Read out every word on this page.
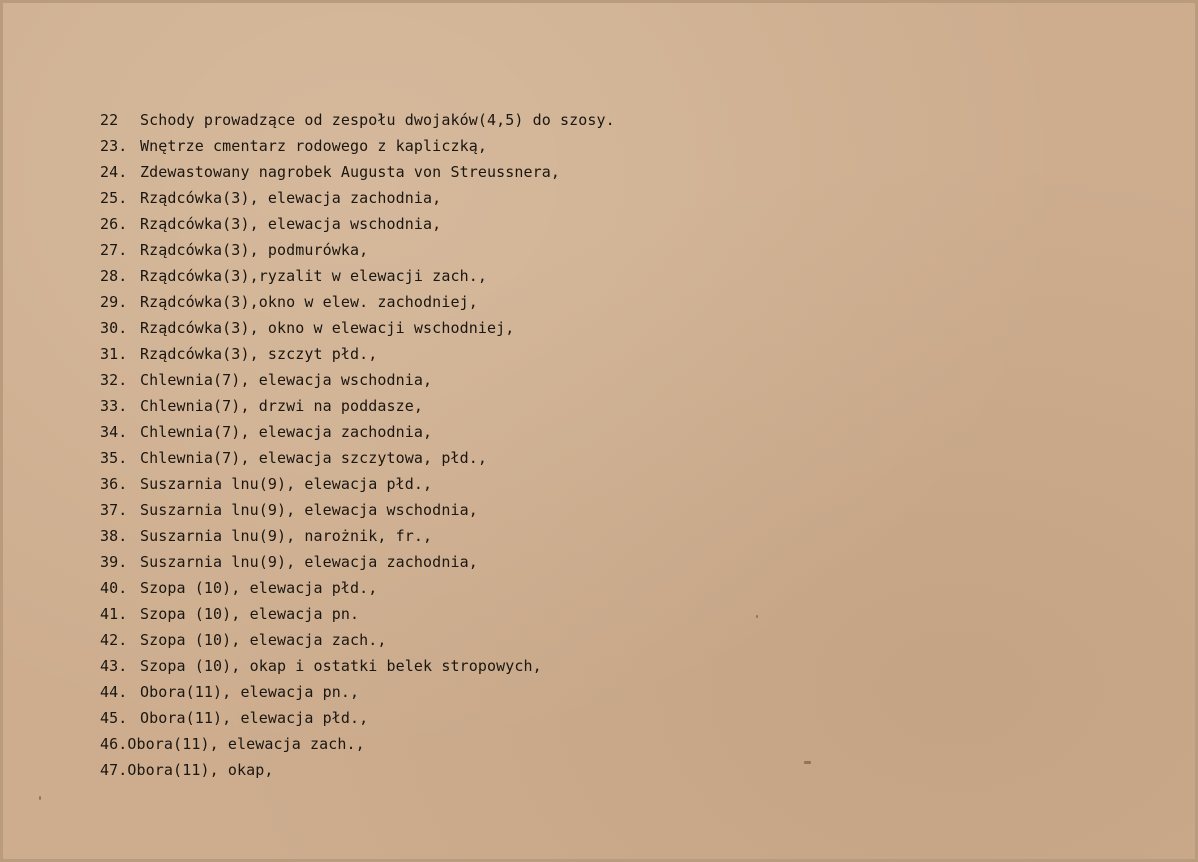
22	Schody prowadzące od zespołu dwojaków(4,5) do szosy.
23. Wnętrze cmentarz rodowego z kapliczką,
24. Zdewastowany nagrobek Augusta von Streussnera,
25. Rządcówka(3), elewacja zachodnia,
26. Rządcówka(3), elewacja wschodnia,
27. Rządcówka(3), podmurówka,
28. Rządcówka(3),ryzalit w elewacji zach.,
29. Rządcówka(3),okno w elew. zachodniej,
30. Rządcówka(3), okno w elewacji wschodniej,
31. Rządcówka(3), szczyt płd.,
32. Chlewnia(7), elewacja wschodnia,
33. Chlewnia(7), drzwi na poddasze,
34. Chlewnia(7), elewacja zachodnia,
35. Chlewnia(7), elewacja szczytowa, płd.,
36. Suszarnia lnu(9), elewacja płd.,
37. Suszarnia lnu(9), elewacja wschodnia,
38. Suszarnia lnu(9), narożnik, fr.,
39. Suszarnia lnu(9), elewacja zachodnia,
40. Szopa (10), elewacja płd.,
41. Szopa (10), elewacja pn.
42. Szopa (10), elewacja zach.,
43. Szopa (10), okap i ostatki belek stropowych,
44. Obora(11), elewacja pn.,
45. Obora(11), elewacja płd.,
46. Obora(11), elewacja zach.,
47. Obora(11), okap,
